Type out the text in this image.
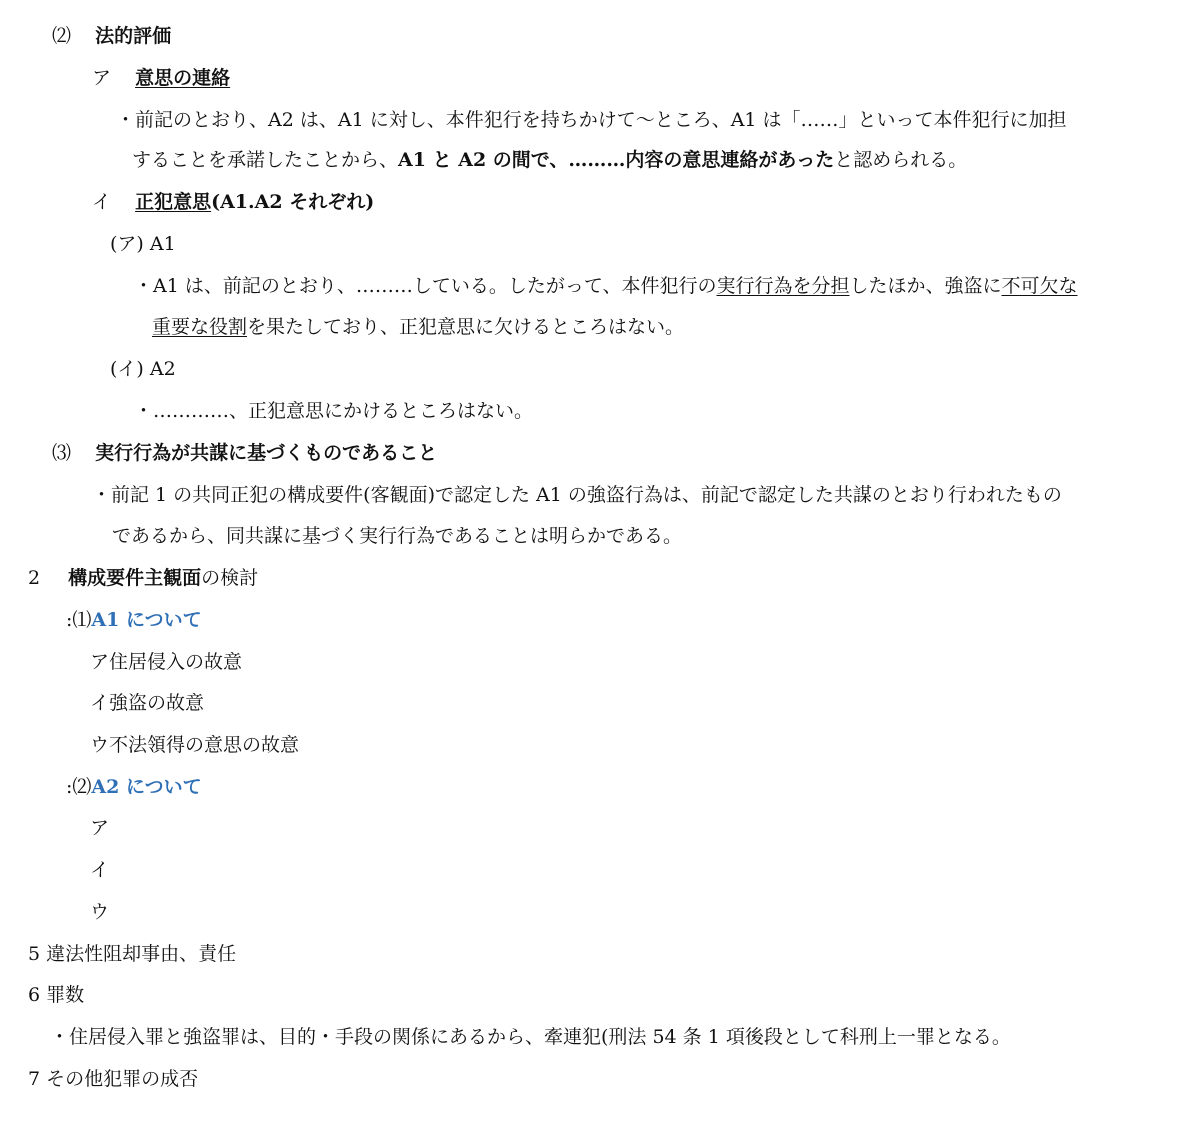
⑵ 法的評価
ア 意思の連絡
・前記のとおり、A2 は、A1 に対し、本件犯行を持ちかけて～ところ、A1 は「……」といって本件犯行に加担
することを承諾したことから、A1 と A2 の間で、………内容の意思連絡があったと認められる。
イ 正犯意思(A1.A2 それぞれ)
(ア) A1
・A1 は、前記のとおり、………している。したがって、本件犯行の実行行為を分担したほか、強盗に不可欠な
重要な役割を果たしており、正犯意思に欠けるところはない。
(イ) A2
・…………、正犯意思にかけるところはない。
⑶ 実行行為が共謀に基づくものであること
・前記 1 の共同正犯の構成要件(客観面)で認定した A1 の強盗行為は、前記で認定した共謀のとおり行われたもの
であるから、同共謀に基づく実行行為であることは明らかである。
2 構成要件主観面の検討
:⑴A1 について
ア住居侵入の故意
イ強盗の故意
ウ不法領得の意思の故意
:⑵A2 について
ア
イ
ウ
5 違法性阻却事由、責任
6 罪数
・住居侵入罪と強盗罪は、目的・手段の関係にあるから、牽連犯(刑法 54 条 1 項後段として科刑上一罪となる。
7 その他犯罪の成否
